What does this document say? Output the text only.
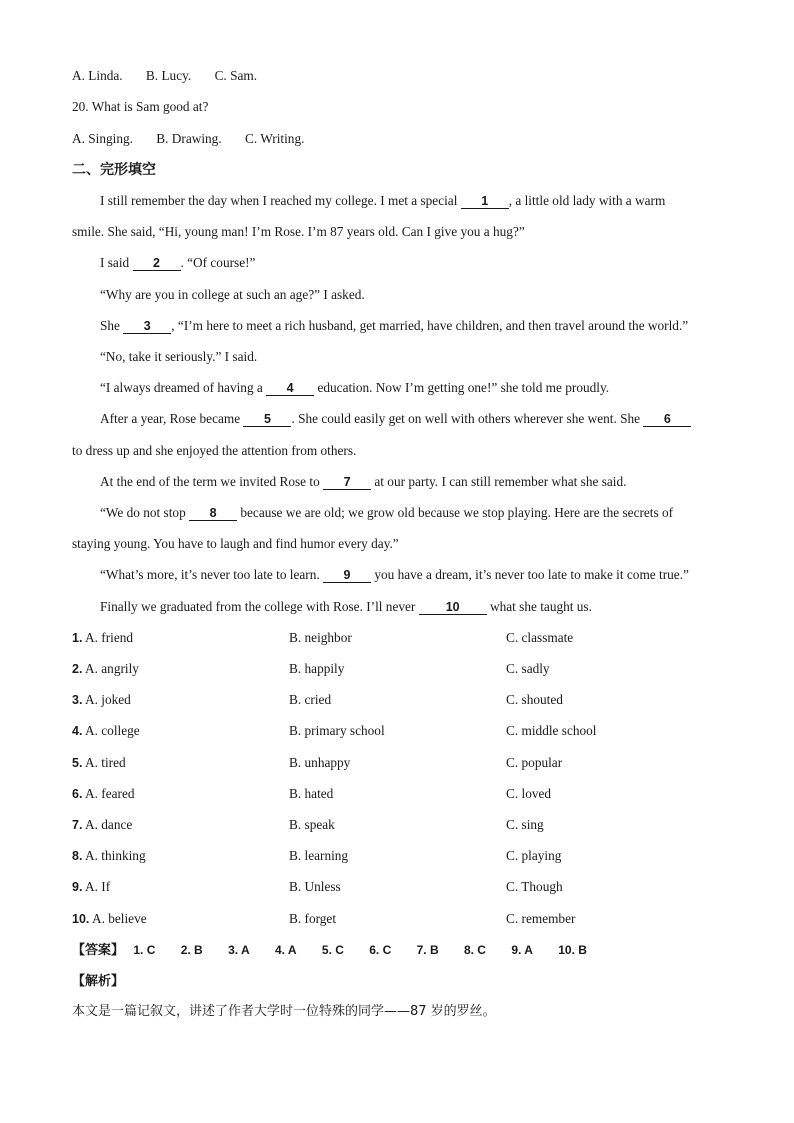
A. Linda. B. Lucy. C. Sam.
20. What is Sam good at?
A. Singing. B. Drawing. C. Writing.
二、完形填空
I still remember the day when I reached my college. I met a special 1 , a little old lady with a warm
smile. She said, “Hi, young man! I’m Rose. I’m 87 years old. Can I give you a hug?”
I said 2 . “Of course!”
“Why are you in college at such an age?” I asked.
She 3 , “I’m here to meet a rich husband, get married, have children, and then travel around the world.”
“No, take it seriously.” I said.
“I always dreamed of having a 4 education. Now I’m getting one!” she told me proudly.
After a year, Rose became 5 . She could easily get on well with others wherever she went. She 6
to dress up and she enjoyed the attention from others.
At the end of the term we invited Rose to 7 at our party. I can still remember what she said.
“We do not stop 8 because we are old; we grow old because we stop playing. Here are the secrets of
staying young. You have to laugh and find humor every day.”
“What’s more, it’s never too late to learn. 9 you have a dream, it’s never too late to make it come true.”
Finally we graduated from the college with Rose. I’ll never 10 what she taught us.
1. A. friend	B. neighbor	C. classmate
2. A. angrily	B. happily	C. sadly
3. A. joked	B. cried	C. shouted
4. A. college	B. primary school	C. middle school
5. A. tired	B. unhappy	C. popular
6. A. feared	B. hated	C. loved
7. A. dance	B. speak	C. sing
8. A. thinking	B. learning	C. playing
9. A. If	B. Unless	C. Though
10. A. believe	B. forget	C. remember
【答案】 1. C 2. B 3. A 4. A 5. C 6. C 7. B 8. C 9. A 10. B
【解析】
本文是一篇记叙文，讲述了作者大学时一位特殊的同学——87 岁的罗丝。
